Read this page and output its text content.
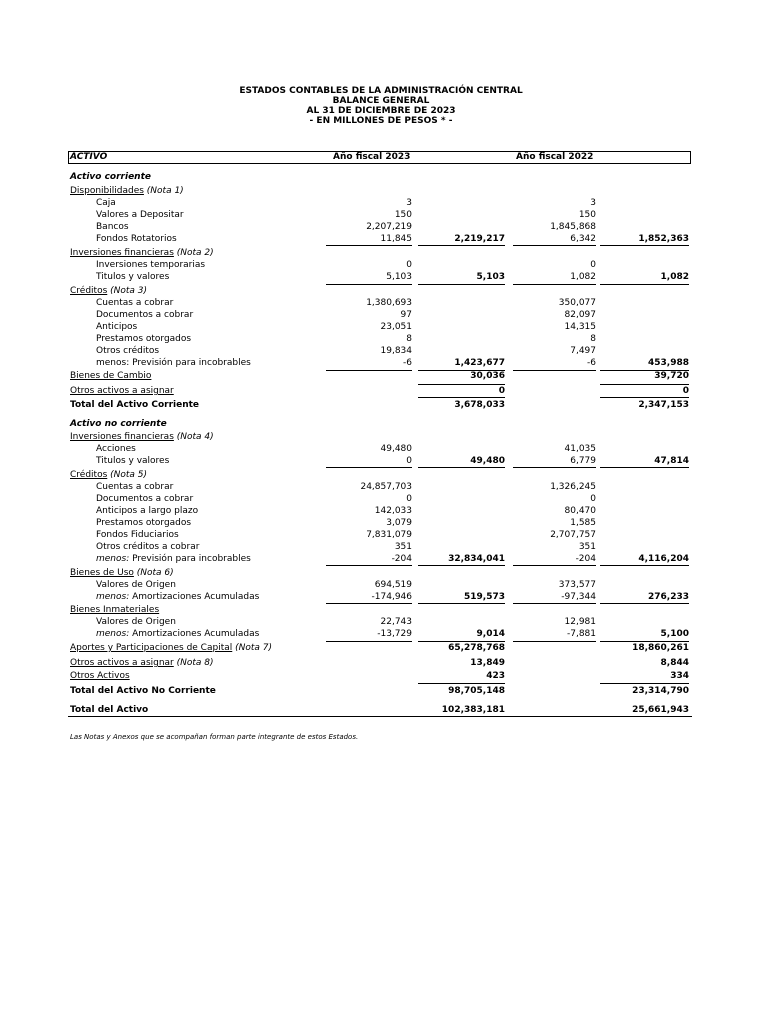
ESTADOS CONTABLES DE LA ADMINISTRACIÓN CENTRAL
BALANCE GENERAL
AL 31 DE DICIEMBRE DE 2023
- EN MILLONES DE PESOS * -
ACTIVO	Año fiscal 2023	Año fiscal 2022
Activo corriente
Disponibilidades (Nota 1)
Caja	3	3
Valores a Depositar	150	150
Bancos	2,207,219	1,845,868
Fondos Rotatorios	11,845	2,219,217	6,342	1,852,363
Inversiones financieras (Nota 2)
Inversiones temporarias	0	0
Titulos y valores	5,103	5,103	1,082	1,082
Créditos (Nota 3)
Cuentas a cobrar	1,380,693	350,077
Documentos a cobrar	97	82,097
Anticipos	23,051	14,315
Prestamos otorgados	8	8
Otros créditos	19,834	7,497
menos: Previsión para incobrables	-6	1,423,677	-6	453,988
Bienes de Cambio	30,036	39,720
Otros activos a asignar	0	0
Total del Activo Corriente	3,678,033	2,347,153
Activo no corriente
Inversiones financieras (Nota 4)
Acciones	49,480	41,035
Titulos y valores	0	49,480	6,779	47,814
Créditos (Nota 5)
Cuentas a cobrar	24,857,703	1,326,245
Documentos a cobrar	0	0
Anticipos a largo plazo	142,033	80,470
Prestamos otorgados	3,079	1,585
Fondos Fiduciarios	7,831,079	2,707,757
Otros créditos a cobrar	351	351
menos: Previsión para incobrables	-204	32,834,041	-204	4,116,204
Bienes de Uso (Nota 6)
Valores de Origen	694,519	373,577
menos: Amortizaciones Acumuladas	-174,946	519,573	-97,344	276,233
Bienes Inmateriales
Valores de Origen	22,743	12,981
menos: Amortizaciones Acumuladas	-13,729	9,014	-7,881	5,100
Aportes y Participaciones de Capital (Nota 7)	65,278,768	18,860,261
Otros activos a asignar (Nota 8)	13,849	8,844
Otros Activos	423	334
Total del Activo No Corriente	98,705,148	23,314,790
Total del Activo	102,383,181	25,661,943
Las Notas y Anexos que se acompañan forman parte integrante de estos Estados.
